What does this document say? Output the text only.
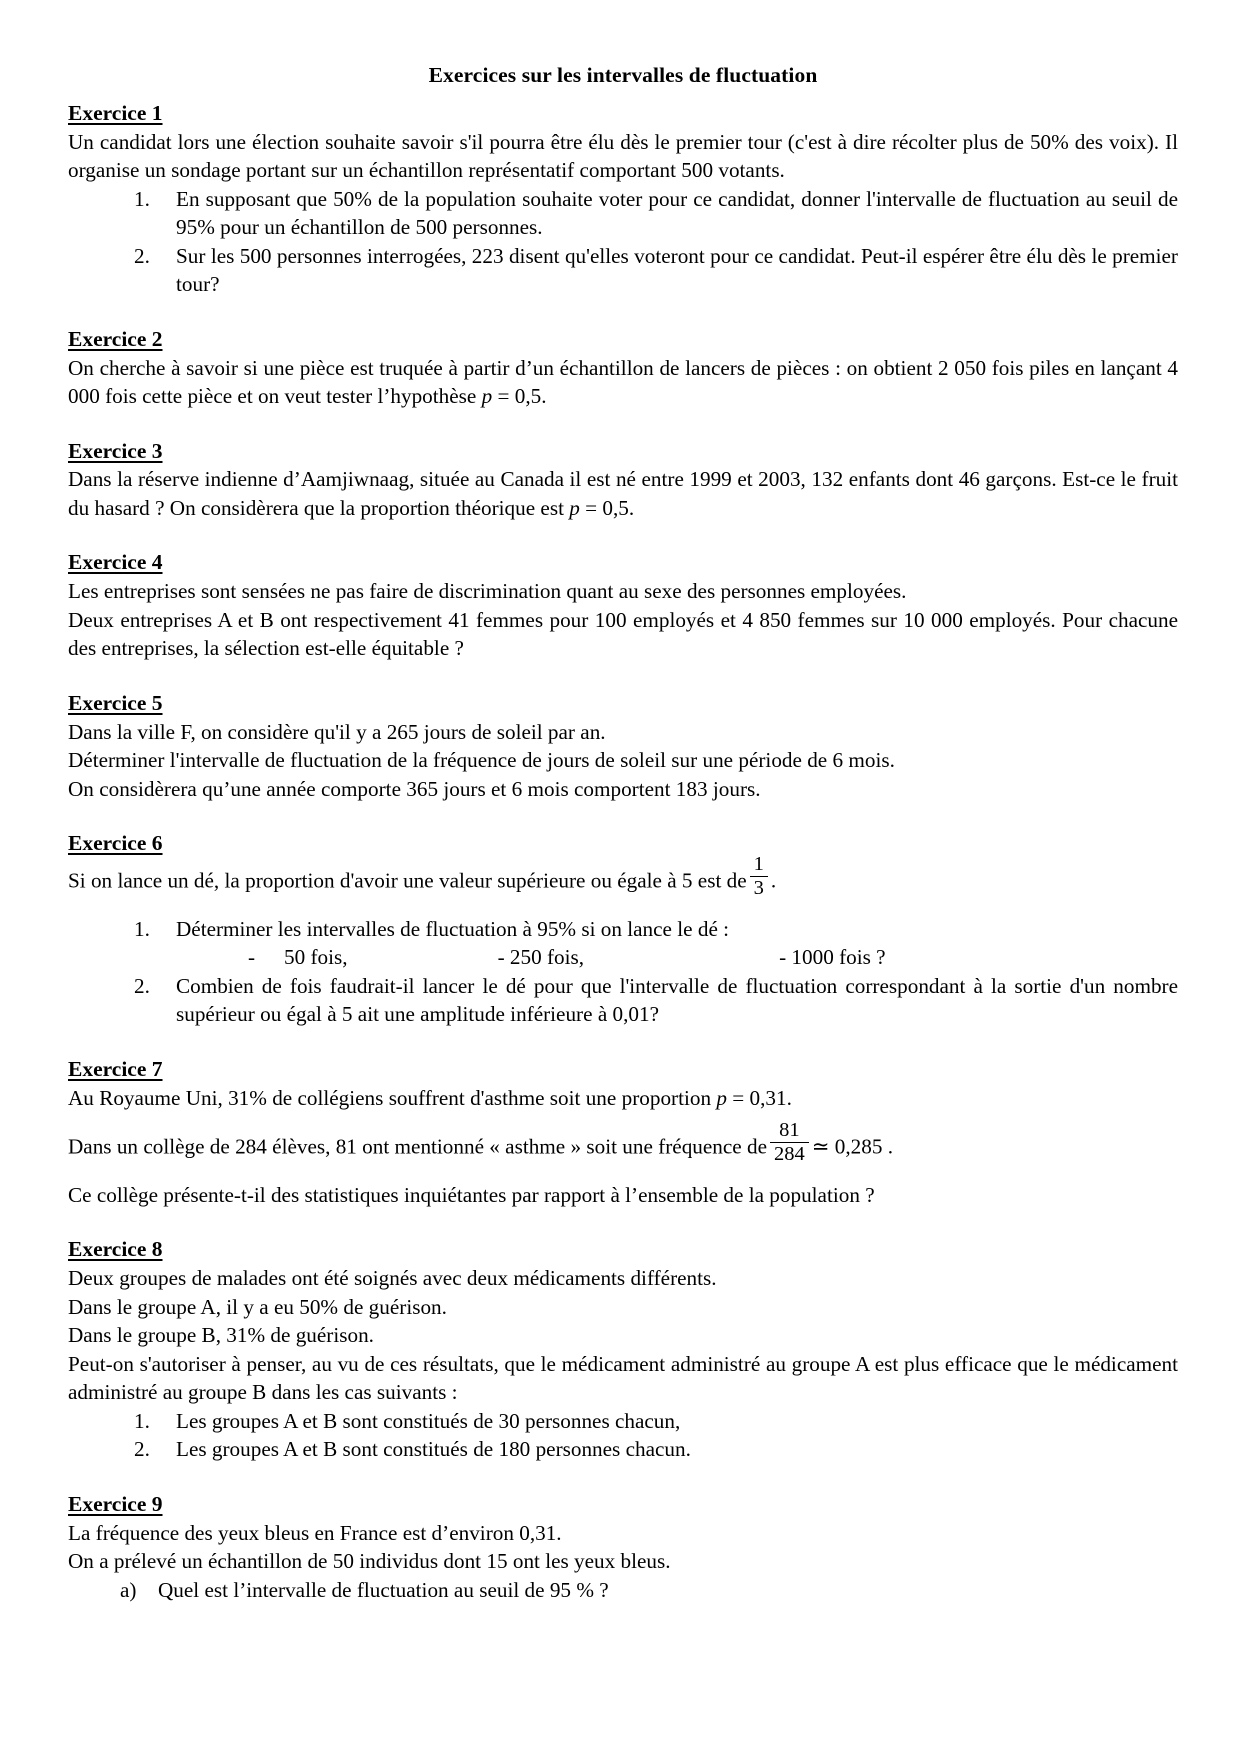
Exercices sur les intervalles de fluctuation
Exercice 1

Un candidat lors une élection souhaite savoir s'il pourra être élu dès le premier tour (c'est à dire récolter plus de 50% des voix). Il organise un sondage portant sur un échantillon représentatif comportant 500 votants.

En supposant que 50% de la population souhaite voter pour ce candidat, donner l'intervalle de fluctuation au seuil de 95% pour un échantillon de 500 personnes.
Sur les 500 personnes interrogées, 223 disent qu'elles voteront pour ce candidat. Peut-il espérer être élu dès le premier tour?
Exercice 2

On cherche à savoir si une pièce est truquée à partir d’un échantillon de lancers de pièces : on obtient 2 050 fois piles en lançant 4 000 fois cette pièce et on veut tester l’hypothèse p = 0,5.

Exercice 3

Dans la réserve indienne d’Aamjiwnaag, située au Canada il est né entre 1999 et 2003, 132 enfants dont 46 garçons. Est-ce le fruit du hasard ? On considèrera que la proportion théorique est p = 0,5.

Exercice 4

Les entreprises sont sensées ne pas faire de discrimination quant au sexe des personnes employées.

Deux entreprises A et B ont respectivement 41 femmes pour 100 employés et 4 850 femmes sur 10 000 employés. Pour chacune des entreprises, la sélection est-elle équitable ?

Exercice 5

Dans la ville F, on considère qu'il y a 265 jours de soleil par an.

Déterminer l'intervalle de fluctuation de la fréquence de jours de soleil sur une période de 6 mois.

On considèrera qu’une année comporte 365 jours et 6 mois comportent 183 jours.

Exercice 6

Si on lance un dé, la proportion d'avoir une valeur supérieure ou égale à 5 est de $\frac{1}{3}$ .

Déterminer les intervalles de fluctuation à 95% si on lance le dé :

- 50 fois,	- 250 fois,	- 1000 fois ?

Combien de fois faudrait-il lancer le dé pour que l'intervalle de fluctuation correspondant à la sortie d'un nombre supérieur ou égal à 5 ait une amplitude inférieure à 0,01?
Exercice 7

Au Royaume Uni, 31% de collégiens souffrent d'asthme soit une proportion p = 0,31.

Dans un collège de 284 élèves, 81 ont mentionné « asthme » soit une fréquence de $\frac{81}{284}$ ≃ 0,285 .

Ce collège présente-t-il des statistiques inquiétantes par rapport à l’ensemble de la population ?

Exercice 8

Deux groupes de malades ont été soignés avec deux médicaments différents.

Dans le groupe A, il y a eu 50% de guérison.

Dans le groupe B, 31% de guérison.

Peut-on s'autoriser à penser, au vu de ces résultats, que le médicament administré au groupe A est plus efficace que le médicament administré au groupe B dans les cas suivants :

Les groupes A et B sont constitués de 30 personnes chacun,
Les groupes A et B sont constitués de 180 personnes chacun.
Exercice 9

La fréquence des yeux bleus en France est d’environ 0,31.

On a prélevé un échantillon de 50 individus dont 15 ont les yeux bleus.

Quel est l’intervalle de fluctuation au seuil de 95 % ?
